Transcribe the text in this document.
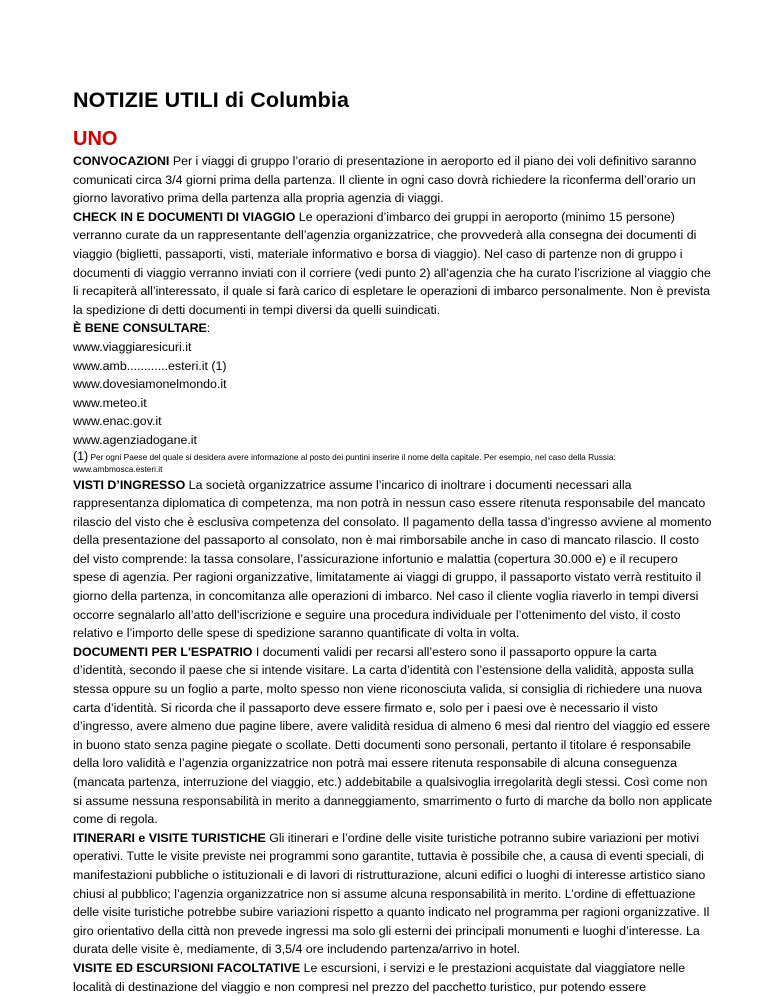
NOTIZIE UTILI di Columbia
UNO

CONVOCAZIONI Per i viaggi di gruppo l’orario di presentazione in aeroporto ed il piano dei voli definitivo saranno comunicati circa 3/4 giorni prima della partenza. Il cliente in ogni caso dovrà richiedere la riconferma dell’orario un giorno lavorativo prima della partenza alla propria agenzia di viaggi.

CHECK IN E DOCUMENTI DI VIAGGIO Le operazioni d’imbarco dei gruppi in aeroporto (minimo 15 persone) verranno curate da un rappresentante dell’agenzia organizzatrice, che provvederà alla consegna dei documenti di viaggio (biglietti, passaporti, visti, materiale informativo e borsa di viaggio). Nel caso di partenze non di gruppo i documenti di viaggio verranno inviati con il corriere (vedi punto 2) all’agenzia che ha curato l’iscrizione al viaggio che li recapiterà all’interessato, il quale si farà carico di espletare le operazioni di imbarco personalmente. Non è prevista la spedizione di detti documenti in tempi diversi da quelli suindicati.

È BENE CONSULTARE:

www.viaggiaresicuri.it
www.amb............esteri.it (1)
www.dovesiamonelmondo.it
www.meteo.it
www.enac.gov.it
www.agenziadogane.it

(1) Per ogni Paese del quale si desidera avere informazione al posto dei puntini inserire il nome della capitale. Per esempio, nel caso della Russia:

www.ambmosca.esteri.it

VISTI D’INGRESSO La società organizzatrice assume l’incarico di inoltrare i documenti necessari alla rappresentanza diplomatica di competenza, ma non potrà in nessun caso essere ritenuta responsabile del mancato rilascio del visto che è esclusiva competenza del consolato. Il pagamento della tassa d’ingresso avviene al momento della presentazione del passaporto al consolato, non è mai rimborsabile anche in caso di mancato rilascio. Il costo del visto comprende: la tassa consolare, l’assicurazione infortunio e malattia (copertura 30.000 e) e il recupero spese di agenzia. Per ragioni organizzative, limitatamente ai viaggi di gruppo, il passaporto vistato verrà restituito il giorno della partenza, in concomitanza alle operazioni di imbarco. Nel caso il cliente voglia riaverlo in tempi diversi occorre segnalarlo all’atto dell’iscrizione e seguire una procedura individuale per l’ottenimento del visto, il costo relativo e l’importo delle spese di spedizione saranno quantificate di volta in volta.

DOCUMENTI PER L'ESPATRIO I documenti validi per recarsi all’estero sono il passaporto oppure la carta d’identità, secondo il paese che si intende visitare. La carta d’identità con l’estensione della validità, apposta sulla stessa oppure su un foglio a parte, molto spesso non viene riconosciuta valida, si consiglia di richiedere una nuova carta d’identità. Si ricorda che il passaporto deve essere firmato e, solo per i paesi ove è necessario il visto d’ingresso, avere almeno due pagine libere, avere validità residua di almeno 6 mesi dal rientro del viaggio ed essere in buono stato senza pagine piegate o scollate. Detti documenti sono personali, pertanto il titolare é responsabile della loro validità e l’agenzia organizzatrice non potrà mai essere ritenuta responsabile di alcuna conseguenza (mancata partenza, interruzione del viaggio, etc.) addebitabile a qualsivoglia irregolarità degli stessi. Così come non si assume nessuna responsabilità in merito a danneggiamento, smarrimento o furto di marche da bollo non applicate come di regola.

ITINERARI e VISITE TURISTICHE Gli itinerari e l’ordine delle visite turistiche potranno subire variazioni per motivi operativi. Tutte le visite previste nei programmi sono garantite, tuttavia è possibile che, a causa di eventi speciali, di manifestazioni pubbliche o istituzionali e di lavori di ristrutturazione, alcuni edifici o luoghi di interesse artistico siano chiusi al pubblico; l’agenzia organizzatrice non si assume alcuna responsabilità in merito. L’ordine di effettuazione delle visite turistiche potrebbe subire variazioni rispetto a quanto indicato nel programma per ragioni organizzative. Il giro orientativo della città non prevede ingressi ma solo gli esterni dei principali monumenti e luoghi d’interesse. La durata delle visite è, mediamente, di 3,5/4 ore includendo partenza/arrivo in hotel.

VISITE ED ESCURSIONI FACOLTATIVE Le escursioni, i servizi e le prestazioni acquistate dal viaggiatore nelle località di destinazione del viaggio e non compresi nel prezzo del pacchetto turistico, pur potendo essere
